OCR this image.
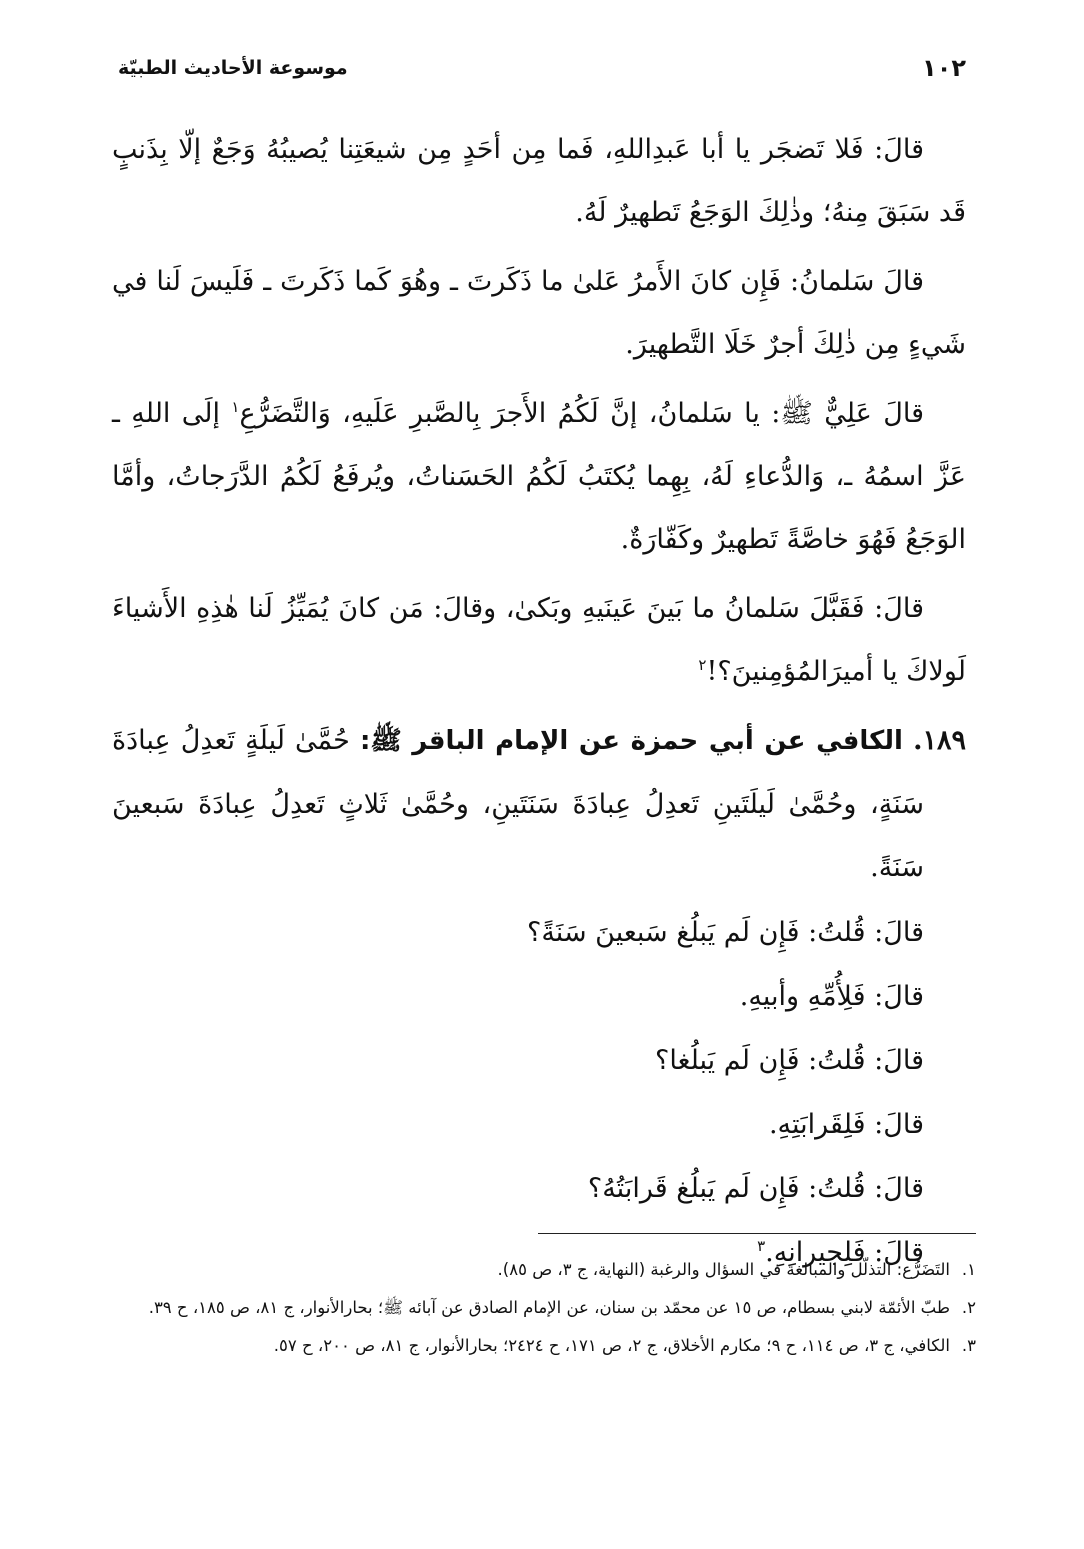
١٠٢
موسوعة الأحاديث الطبيّة

قالَ: فَلا تَضجَر يا أبا عَبدِاللهِ، فَما مِن أحَدٍ مِن شيعَتِنا يُصيبُهُ وَجَعٌ إلّا بِذَنبٍ قَد سَبَقَ مِنهُ؛ وذٰلِكَ الوَجَعُ تَطهيرٌ لَهُ.

قالَ سَلمانُ: فَإِن كانَ الأَمرُ عَلىٰ ما ذَكَرتَ ـ وهُوَ كَما ذَكَرتَ ـ فَلَيسَ لَنا في شَيءٍ مِن ذٰلِكَ أجرٌ خَلَا التَّطهيرَ.

قالَ عَلِيٌّ ﷺ: يا سَلمانُ، إنَّ لَكُمُ الأَجرَ بِالصَّبرِ عَلَيهِ، وَالتَّضَرُّعِ$^١$ إلَى اللهِ ـ عَزَّ اسمُهُ ـ، وَالدُّعاءِ لَهُ، بِهِما يُكتَبُ لَكُمُ الحَسَناتُ، ويُرفَعُ لَكُمُ الدَّرَجاتُ، وأمَّا الوَجَعُ فَهُوَ خاصَّةً تَطهيرٌ وكَفّارَةٌ.

قالَ: فَقَبَّلَ سَلمانُ ما بَينَ عَينَيهِ وبَكىٰ، وقالَ: مَن كانَ يُمَيِّزُ لَنا هٰذِهِ الأَشياءَ لَولاكَ يا أميرَالمُؤمِنينَ؟!$^٢$

١٨٩. الكافي عن أبي حمزة عن الإمام الباقر ﷺ: حُمَّىٰ لَيلَةٍ تَعدِلُ عِبادَةَ سَنَةٍ، وحُمَّىٰ لَيلَتَينِ تَعدِلُ عِبادَةَ سَنَتَينِ، وحُمَّىٰ ثَلاثٍ تَعدِلُ عِبادَةَ سَبعينَ سَنَةً.

قالَ: قُلتُ: فَإِن لَم يَبلُغ سَبعينَ سَنَةً؟
قالَ: فَلِأُمِّهِ وأبيهِ.
قالَ: قُلتُ: فَإِن لَم يَبلُغا؟
قالَ: فَلِقَرابَتِهِ.
قالَ: قُلتُ: فَإِن لَم يَبلُغ قَرابَتُهُ؟
قالَ: فَلِجيرانِهِ.$^٣$
١.التَضَرُّع: التذلّل والمبالغة في السؤال والرغبة (النهاية، ج ٣، ص ٨٥).
٢.طبّ الأئمّة لابني بسطام، ص ١٥ عن محمّد بن سنان، عن الإمام الصادق عن آبائه ﷺ؛ بحارالأنوار، ج ٨١، ص ١٨٥، ح ٣٩.
٣.الكافي، ج ٣، ص ١١٤، ح ٩؛ مكارم الأخلاق، ج ٢، ص ١٧١، ح ٢٤٢٤؛ بحارالأنوار، ج ٨١، ص ٢٠٠، ح ٥٧.
